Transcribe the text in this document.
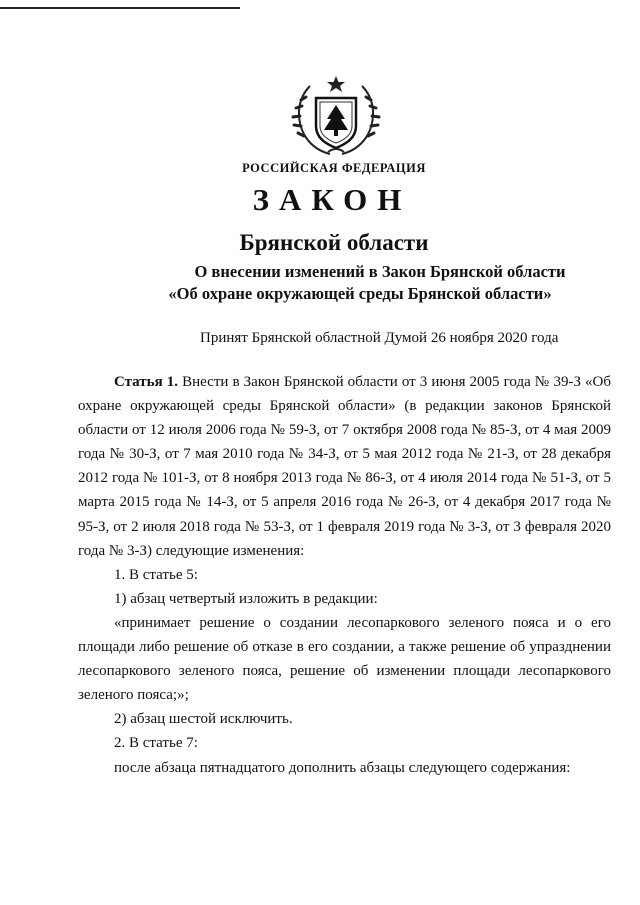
РОССИЙСКАЯ ФЕДЕРАЦИЯ
ЗАКОН
Брянской области
О внесении изменений в Закон Брянской области
«Об охране окружающей среды Брянской области»
Принят Брянской областной Думой 26 ноября 2020 года

Статья 1. Внести в Закон Брянской области от 3 июня 2005 года № 39-З «Об охране окружающей среды Брянской области» (в редакции законов Брянской области от 12 июля 2006 года № 59-З, от 7 октября 2008 года № 85-З, от 4 мая 2009 года № 30-З, от 7 мая 2010 года № 34-З, от 5 мая 2012 года № 21-З, от 28 декабря 2012 года № 101-З, от 8 ноября 2013 года № 86-З, от 4 июля 2014 года № 51-З, от 5 марта 2015 года № 14-З, от 5 апреля 2016 года № 26-З, от 4 декабря 2017 года № 95-З, от 2 июля 2018 года № 53-З, от 1 февраля 2019 года № 3-З, от 3 февраля 2020 года № 3-З) следующие изменения:

1. В статье 5:

1) абзац четвертый изложить в редакции:

«принимает решение о создании лесопаркового зеленого пояса и о его площади либо решение об отказе в его создании, а также решение об упразднении лесопаркового зеленого пояса, решение об изменении площади лесопаркового зеленого пояса;»;

2) абзац шестой исключить.

2. В статье 7:

после абзаца пятнадцатого дополнить абзацы следующего содержания:
